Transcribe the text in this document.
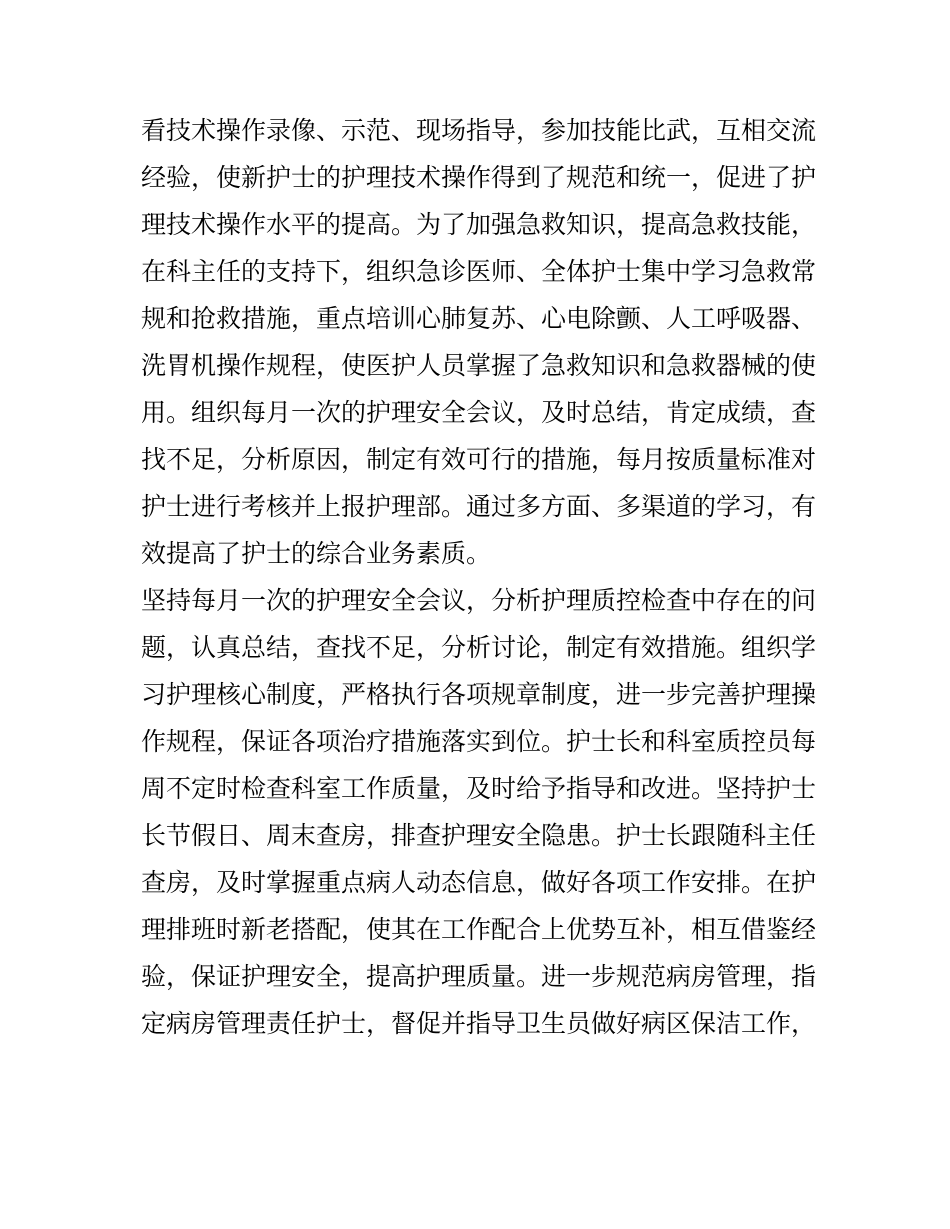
看技术操作录像、示范、现场指导，参加技能比武，互相交流
经验，使新护士的护理技术操作得到了规范和统一，促进了护
理技术操作水平的提高。为了加强急救知识，提高急救技能，
在科主任的支持下，组织急诊医师、全体护士集中学习急救常
规和抢救措施，重点培训心肺复苏、心电除颤、人工呼吸器、
洗胃机操作规程，使医护人员掌握了急救知识和急救器械的使
用。组织每月一次的护理安全会议，及时总结，肯定成绩，查
找不足，分析原因，制定有效可行的措施，每月按质量标准对
护士进行考核并上报护理部。通过多方面、多渠道的学习，有
效提高了护士的综合业务素质。
坚持每月一次的护理安全会议，分析护理质控检查中存在的问
题，认真总结，查找不足，分析讨论，制定有效措施。组织学
习护理核心制度，严格执行各项规章制度，进一步完善护理操
作规程，保证各项治疗措施落实到位。护士长和科室质控员每
周不定时检查科室工作质量，及时给予指导和改进。坚持护士
长节假日、周末查房，排查护理安全隐患。护士长跟随科主任
查房，及时掌握重点病人动态信息，做好各项工作安排。在护
理排班时新老搭配，使其在工作配合上优势互补，相互借鉴经
验，保证护理安全，提高护理质量。进一步规范病房管理，指
定病房管理责任护士，督促并指导卫生员做好病区保洁工作，
